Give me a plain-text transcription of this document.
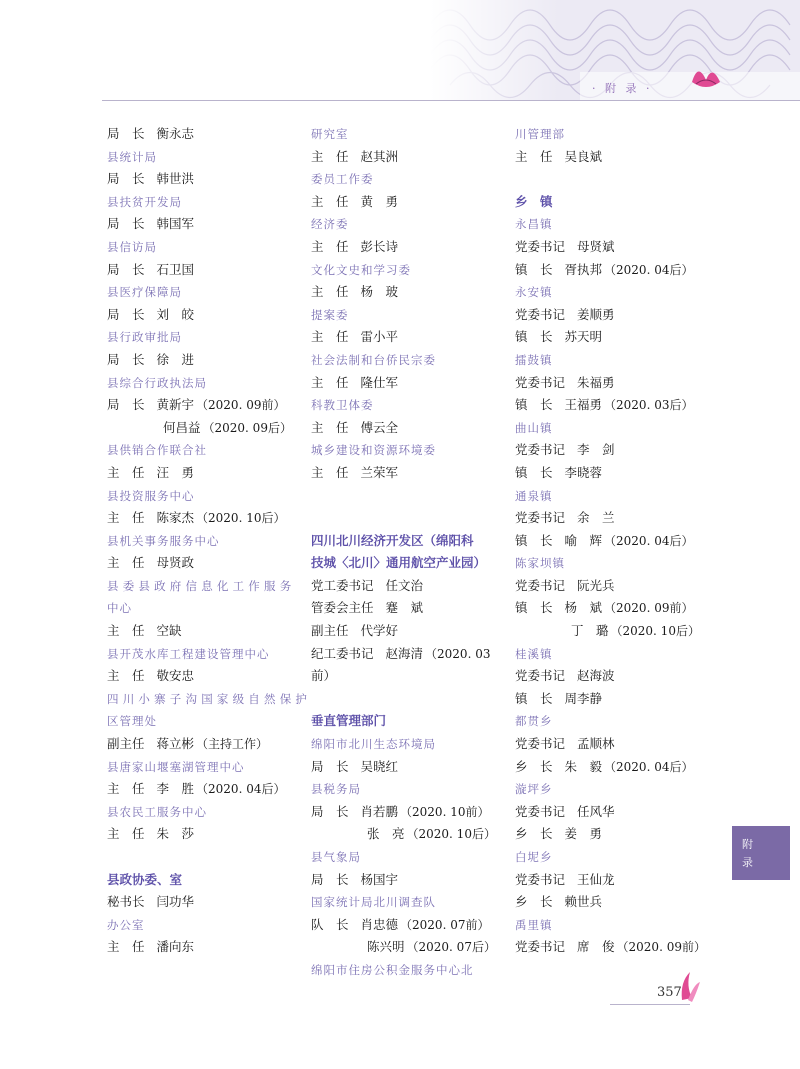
· 附 录 ·
局　长 衡永志
县统计局
局　长 韩世洪
县扶贫开发局
局　长 韩国军
县信访局
局　长 石卫国
县医疗保障局
局　长 刘　皎
县行政审批局
局　长 徐　进
县综合行政执法局
局　长 黄新宇 （2020. 09前）
何昌益 （2020. 09后）
县供销合作联合社
主　任 汪　勇
县投资服务中心
主　任 陈家杰 （2020. 10后）
县机关事务服务中心
主　任 母贤政
县委县政府信息化工作服务
中心
主　任 空缺
县开茂水库工程建设管理中心
主　任 敬安忠
四川小寨子沟国家级自然保护
区管理处
副主任 蒋立彬 （主持工作）
县唐家山堰塞湖管理中心
主　任 李　胜 （2020. 04后）
县农民工服务中心
主　任 朱　莎
县政协委、室
秘书长 闫功华
办公室
主　任 潘向东
研究室
主　任 赵其洲
委员工作委
主　任 黄　勇
经济委
主　任 彭长诗
文化文史和学习委
主　任 杨　玻
提案委
主　任 雷小平
社会法制和台侨民宗委
主　任 隆仕军
科教卫体委
主　任 傅云全
城乡建设和资源环境委
主　任 兰荣军
四川北川经济开发区（绵阳科
技城〈北川〉通用航空产业园）
党工委书记 任文治
管委会主任 蹇　斌
副主任 代学好
纪工委书记 赵海清 （2020. 03
前）
垂直管理部门
绵阳市北川生态环境局
局　长 吴晓红
县税务局
局　长 肖若鹏 （2020. 10前）
张　亮 （2020. 10后）
县气象局
局　长 杨国宇
国家统计局北川调查队
队　长 肖忠德 （2020. 07前）
陈兴明 （2020. 07后）
绵阳市住房公积金服务中心北
川管理部
主　任 吴良斌
乡　镇
永昌镇
党委书记 母贤斌
镇　长 胥执邦 （2020. 04后）
永安镇
党委书记 姜顺勇
镇　长 苏天明
擂鼓镇
党委书记 朱福勇
镇　长 王福勇 （2020. 03后）
曲山镇
党委书记 李　剑
镇　长 李晓蓉
通泉镇
党委书记 余　兰
镇　长 喻　辉 （2020. 04后）
陈家坝镇
党委书记 阮光兵
镇　长 杨　斌 （2020. 09前）
丁　璐 （2020. 10后）
桂溪镇
党委书记 赵海波
镇　长 周李静
都贯乡
党委书记 孟顺林
乡　长 朱　毅 （2020. 04后）
漩坪乡
党委书记 任风华
乡　长 姜　勇
白坭乡
党委书记 王仙龙
乡　长 赖世兵
禹里镇
党委书记 席　俊 （2020. 09前）
附
录
357
